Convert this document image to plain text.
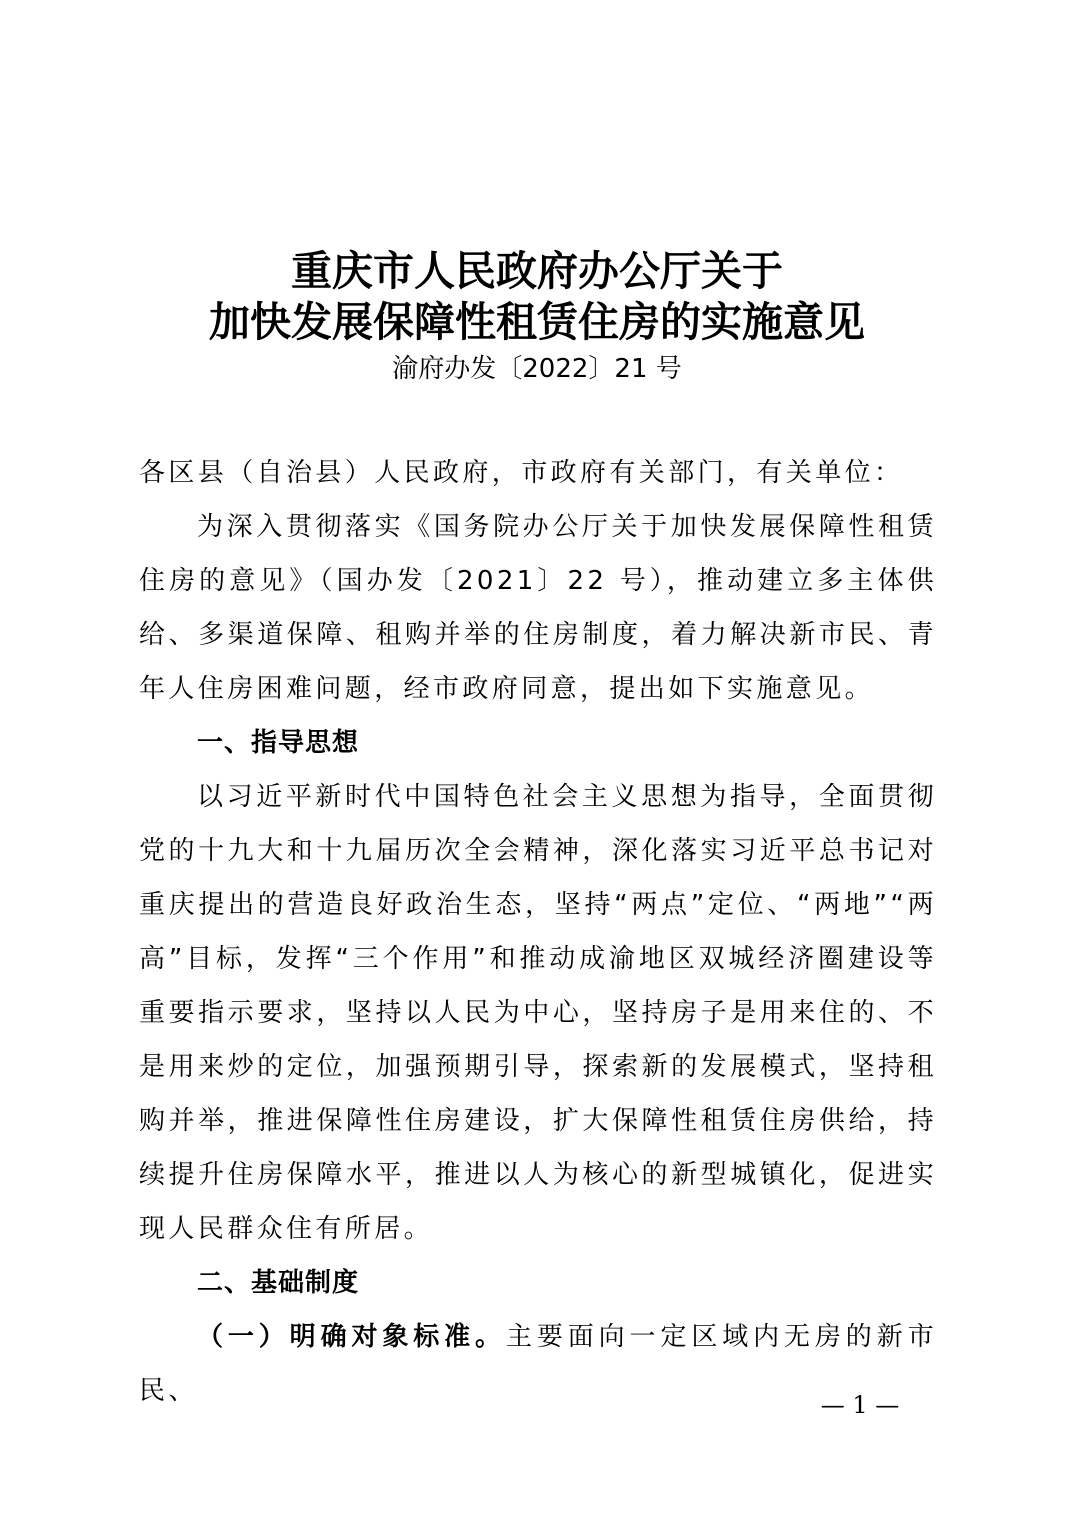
重庆市人民政府办公厅关于
加快发展保障性租赁住房的实施意见
渝府办发〔2022〕21 号

各区县（自治县）人民政府，市政府有关部门，有关单位：

为深入贯彻落实《国务院办公厅关于加快发展保障性租赁住房的意见》（国办发〔2021〕22 号），推动建立多主体供给、多渠道保障、租购并举的住房制度，着力解决新市民、青年人住房困难问题，经市政府同意，提出如下实施意见。

一、指导思想

以习近平新时代中国特色社会主义思想为指导，全面贯彻党的十九大和十九届历次全会精神，深化落实习近平总书记对重庆提出的营造良好政治生态，坚持“两点”定位、“两地”“两高”目标，发挥“三个作用”和推动成渝地区双城经济圈建设等重要指示要求，坚持以人民为中心，坚持房子是用来住的、不是用来炒的定位，加强预期引导，探索新的发展模式，坚持租购并举，推进保障性住房建设，扩大保障性租赁住房供给，持续提升住房保障水平，推进以人为核心的新型城镇化，促进实现人民群众住有所居。

二、基础制度

（一）明确对象标准。主要面向一定区域内无房的新市民、	— 1 —
